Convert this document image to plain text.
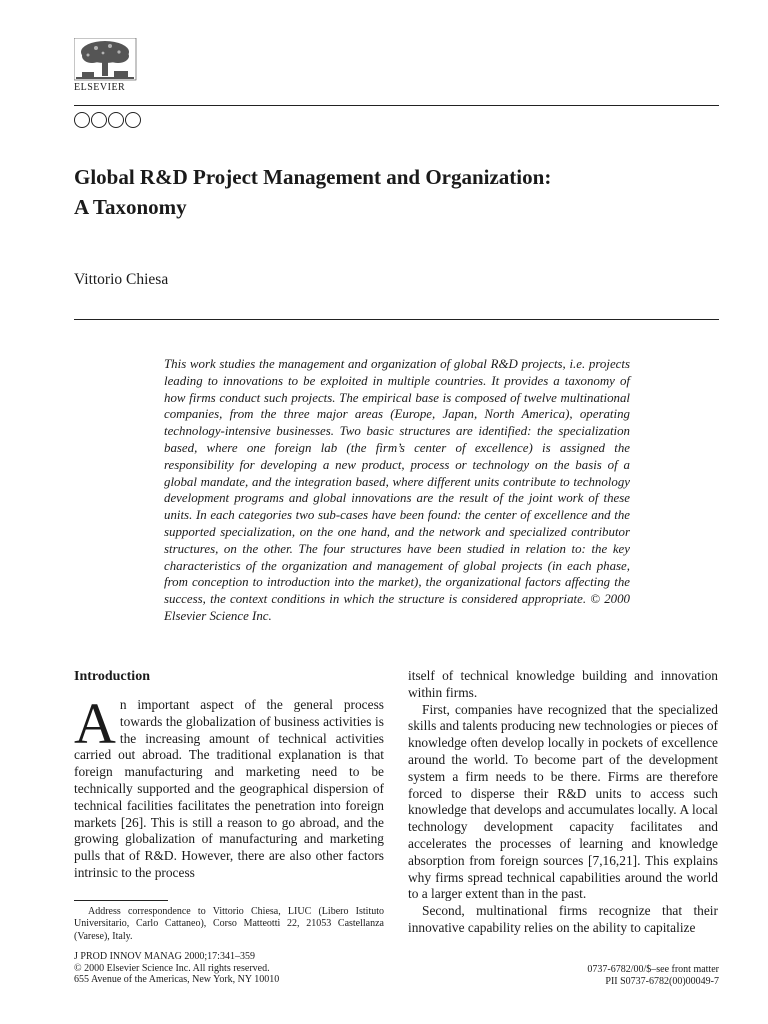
ELSEVIER
Global R&D Project Management and Organization:
A Taxonomy
Vittorio Chiesa
This work studies the management and organization of global R&D projects, i.e. projects leading to innovations to be exploited in multiple countries. It provides a taxonomy of how firms conduct such projects. The empirical base is composed of twelve multinational companies, from the three major areas (Europe, Japan, North America), operating technology-intensive businesses. Two basic structures are identified: the specialization based, where one foreign lab (the firm’s center of excellence) is assigned the responsibility for developing a new product, process or technology on the basis of a global mandate, and the integration based, where different units contribute to technology development programs and global innovations are the result of the joint work of these units. In each categories two sub-cases have been found: the center of excellence and the supported specialization, on the one hand, and the network and specialized contributor structures, on the other. The four structures have been studied in relation to: the key characteristics of the organization and management of global projects (in each phase, from conception to introduction into the market), the organizational factors affecting the success, the context conditions in which the structure is considered appropriate. © 2000 Elsevier Science Inc.
Introduction

An important aspect of the general process towards the globalization of business activities is the increasing amount of technical activities carried out abroad. The traditional explanation is that foreign manufacturing and marketing need to be technically supported and the geographical dispersion of technical facilities facilitates the penetration into foreign markets [26]. This is still a reason to go abroad, and the growing globalization of manufacturing and marketing pulls that of R&D. However, there are also other factors intrinsic to the process

itself of technical knowledge building and innovation within firms.

First, companies have recognized that the specialized skills and talents producing new technologies or pieces of knowledge often develop locally in pockets of excellence around the world. To become part of the development system a firm needs to be there. Firms are therefore forced to disperse their R&D units to access such knowledge that develops and accumulates locally. A local technology development capacity facilitates and accelerates the processes of learning and knowledge absorption from foreign sources [7,16,21]. This explains why firms spread technical capabilities around the world to a larger extent than in the past.

Second, multinational firms recognize that their innovative capability relies on the ability to capitalize

Address correspondence to Vittorio Chiesa, LIUC (Libero Istituto Universitario, Carlo Cattaneo), Corso Matteotti 22, 21053 Castellanza (Varese), Italy.
J PROD INNOV MANAG 2000;17:341–359
© 2000 Elsevier Science Inc. All rights reserved.
655 Avenue of the Americas, New York, NY 10010
0737-6782/00/$–see front matter
PII S0737-6782(00)00049-7
